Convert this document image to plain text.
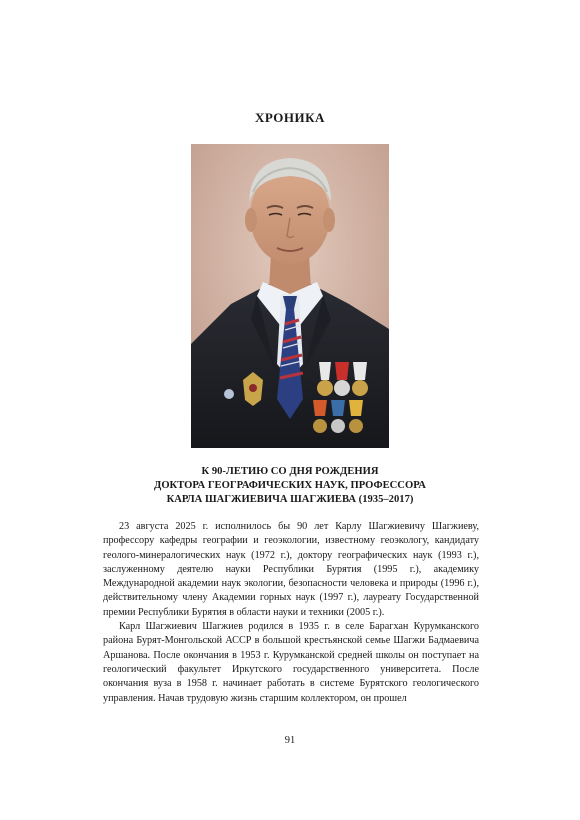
ХРОНИКА
К 90-ЛЕТИЮ СО ДНЯ РОЖДЕНИЯ
ДОКТОРА ГЕОГРАФИЧЕСКИХ НАУК, ПРОФЕССОРА
КАРЛА ШАГЖИЕВИЧА ШАГЖИЕВА (1935–2017)

23 августа 2025 г. исполнилось бы 90 лет Карлу Шагжиевичу Шагжиеву, профессору кафедры географии и геоэкологии, известному геоэкологу, кандидату геолого-минералогических наук (1972 г.), доктору географических наук (1993 г.), заслуженному деятелю науки Республики Бурятия (1995 г.), академику Международной академии наук экологии, безопасности человека и природы (1996 г.), действительному члену Академии горных наук (1997 г.), лауреату Государственной премии Республики Бурятия в области науки и техники (2005 г.).

Карл Шагжиевич Шагжиев родился в 1935 г. в селе Барагхан Курумканского района Бурят-Монгольской АССР в большой крестьянской семье Шагжи Бадмаевича Аршанова. После окончания в 1953 г. Курумканской средней школы он поступает на геологический факультет Иркутского государственного университета. После окончания вуза в 1958 г. начинает работать в системе Бурятского геологического управления. Начав трудовую жизнь старшим коллектором, он прошел

91
